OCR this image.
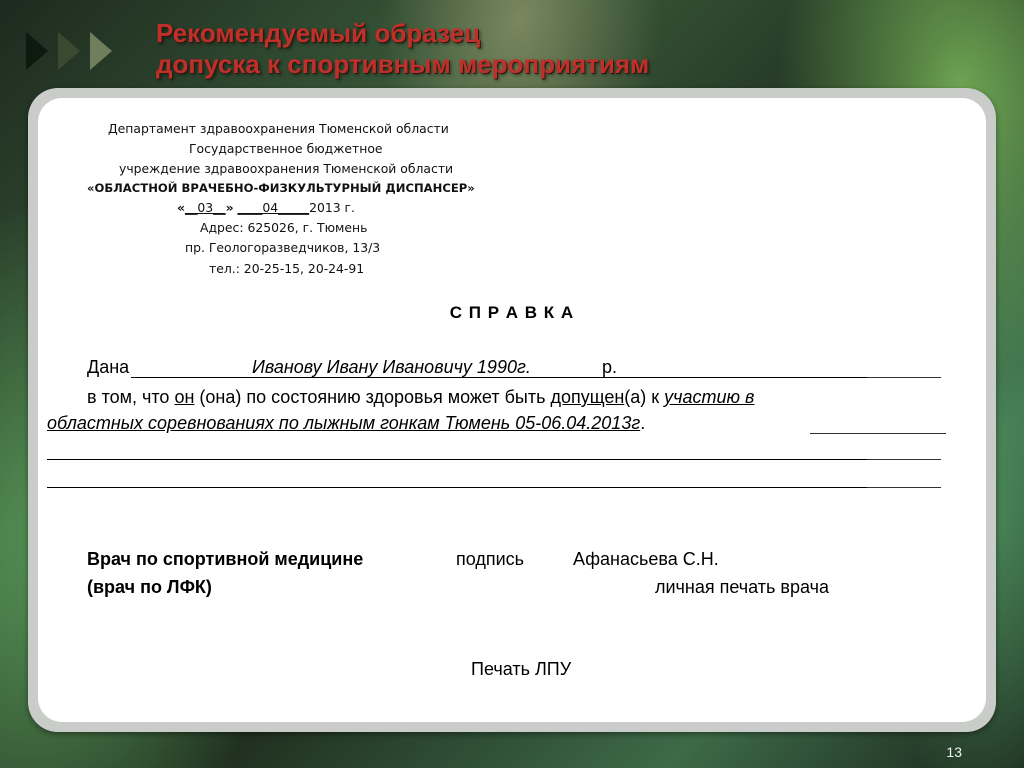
Рекомендуемый образец
допуска к спортивным мероприятиям
Департамент здравоохранения Тюменской области
Государственное бюджетное
учреждение здравоохранения Тюменской области
«ОБЛАСТНОЙ ВРАЧЕБНО-ФИЗКУЛЬТУРНЫЙ ДИСПАНСЕР»
«__03__» ____04_____2013 г.
Адрес: 625026, г. Тюмень
пр. Геологоразведчиков, 13/3
тел.: 20-25-15, 20-24-91
С П Р А В К А
Дана	Иванову Ивану Ивановичу 1990г.	р.
в том, что он (она) по состоянию здоровья может быть допущен(а) к участию в
областных соревнованиях по лыжным гонкам Тюмень 05-06.04.2013г.
Врач по спортивной медицине	подпись	Афанасьева С.Н.
(врач по ЛФК)	личная печать врача
Печать ЛПУ
13
